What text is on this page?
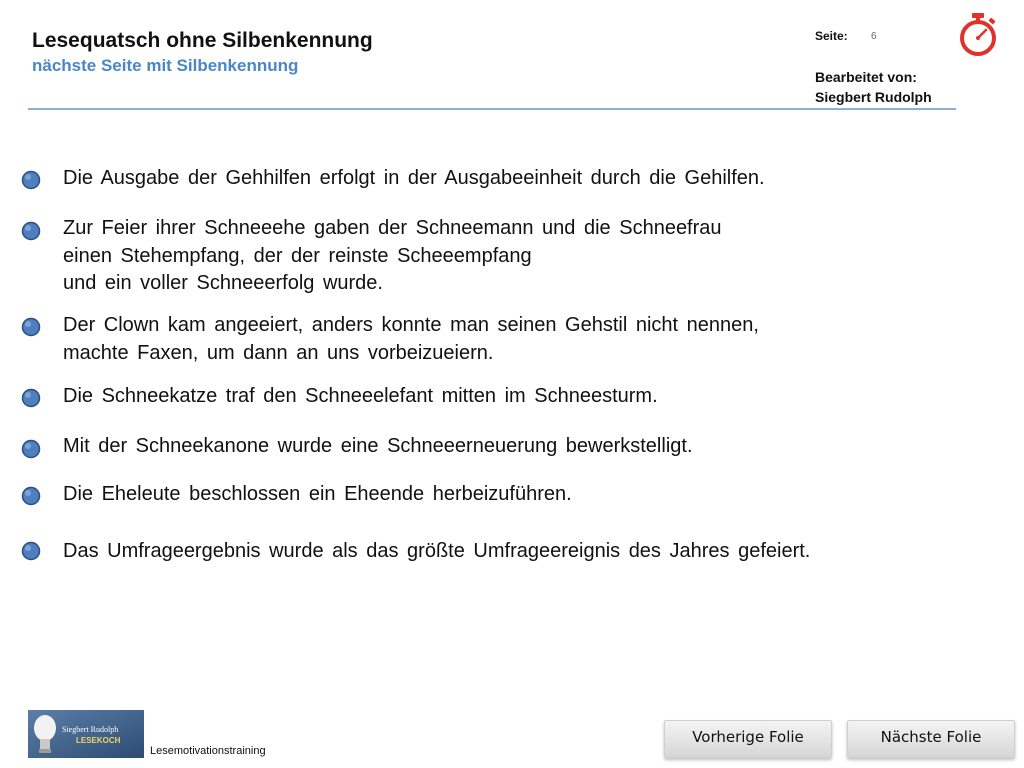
Lesequatsch ohne Silbenkennung
nächste Seite mit Silbenkennung
Seite: 6
Bearbeitet von:
Siegbert Rudolph
Die Ausgabe der Gehhilfen erfolgt in der Ausgabeeinheit durch die Gehilfen.
Zur Feier ihrer Schneeehe gaben der Schneemann und die Schneefrau
einen Stehempfang, der der reinste Scheeempfang
und ein voller Schneeerfolg wurde.
Der Clown kam angeeiert, anders konnte man seinen Gehstil nicht nennen,
machte Faxen, um dann an uns vorbeizueiern.
Die Schneekatze traf den Schneeelefant mitten im Schneesturm.
Mit der Schneekanone wurde eine Schneeerneuerung bewerkstelligt.
Die Eheleute beschlossen ein Eheende herbeizuführen.
Das Umfrageergebnis wurde als das größte Umfrageereignis des Jahres gefeiert.
Siegbert Rudolph
LESEKOCH
Lesemotivationstraining
Vorherige Folie	Nächste Folie
